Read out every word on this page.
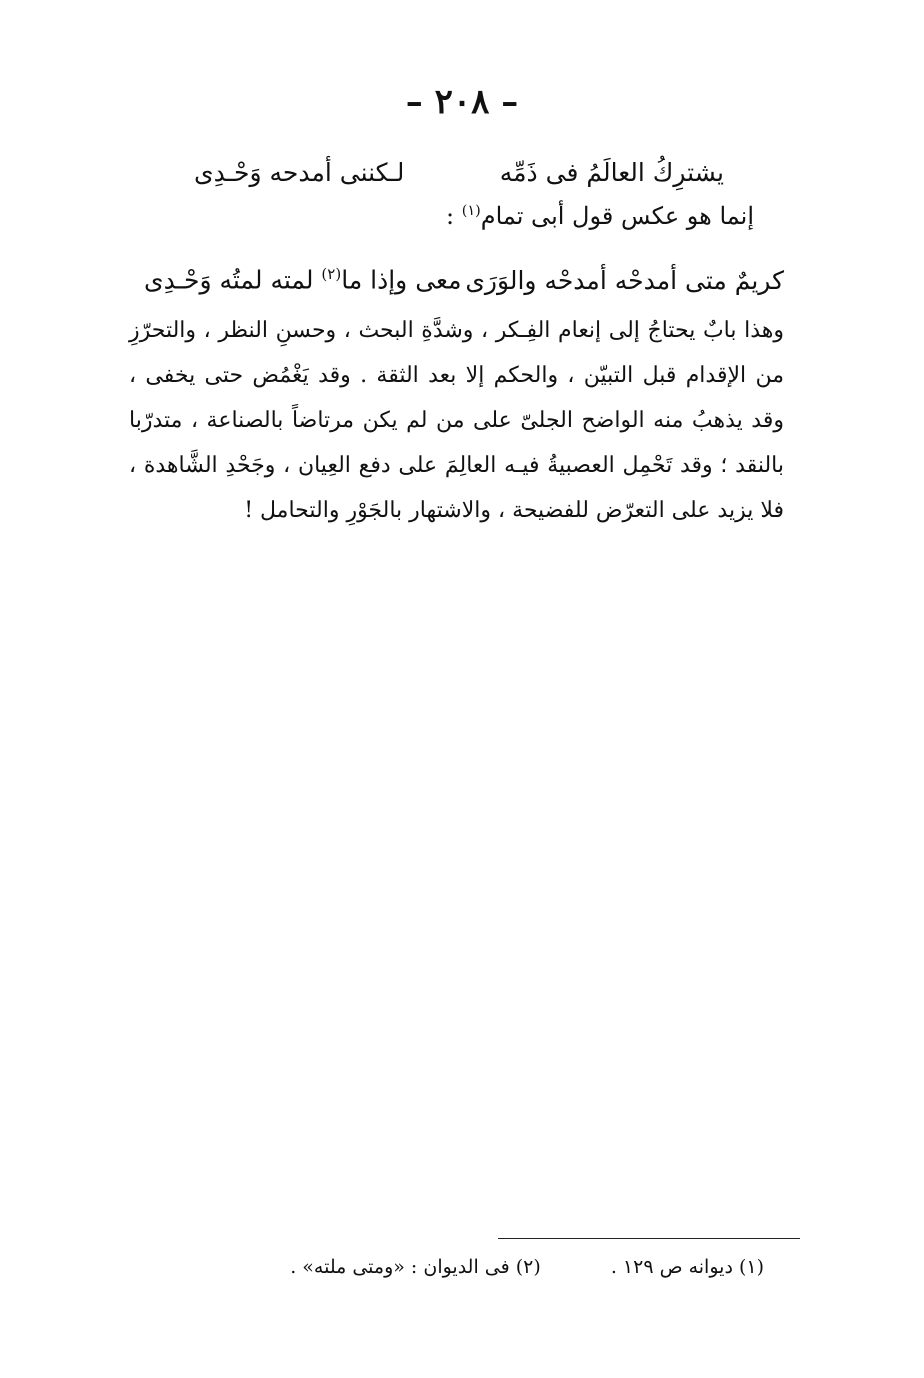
– ٢٠٨ –
يشترِكُ العالَمُ فى ذَمِّه
لـكننى أمدحه وَحْـدِى
إنما هو عكس قول أبى تمام$^{(١)}$ :
كريمٌ متى أمدحْه أمدحْه والوَرَى
معى وإذا ما$^{(٢)}$ لمته لمتُه وَحْـدِى
وهذا بابٌ يحتاجُ إلى إنعام الفِـكر ، وشدَّةِ البحث ، وحسنِ النظر ، والتحرّزِ من الإقدام قبل التبيّن ، والحكم إلا بعد الثقة . وقد يَغْمُض حتى يخفى ، وقد يذهبُ منه الواضح الجلىّ على من لم يكن مرتاضاً بالصناعة ، متدرّبا بالنقد ؛ وقد تَحْمِل العصبيةُ فيـه العالِمَ على دفع العِيان ، وجَحْدِ الشَّاهدة ، فلا يزيد على التعرّض للفضيحة ، والاشتهار بالجَوْرِ والتحامل !
(١) ديوانه ص ١٢٩ .
(٢) فى الديوان : «ومتى ملته» .
